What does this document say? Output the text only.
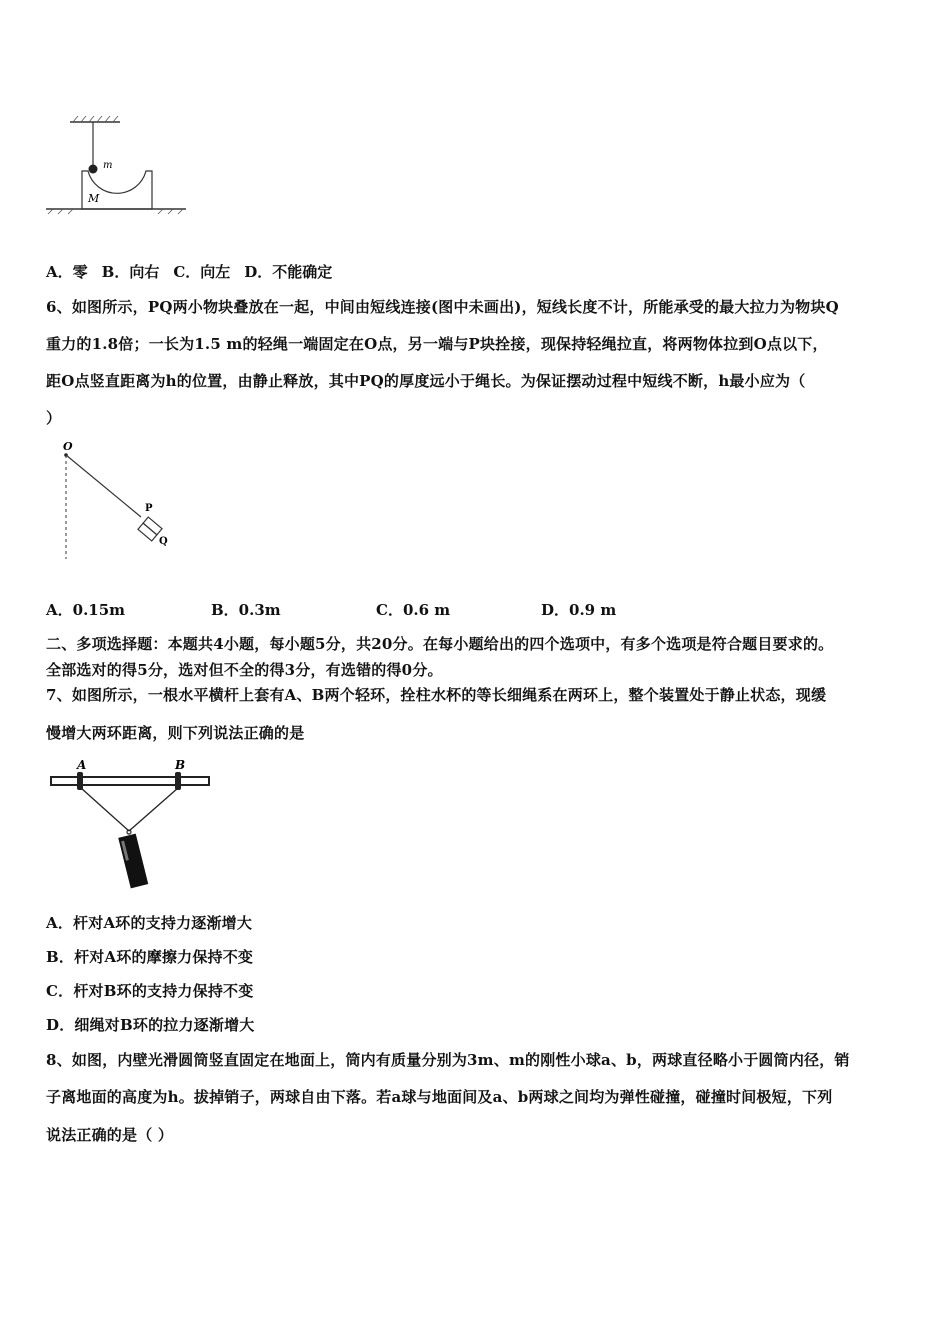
m
M
A．零 B．向右 C．向左 D．不能确定
6、如图所示，PQ两小物块叠放在一起，中间由短线连接(图中未画出)，短线长度不计，所能承受的最大拉力为物块Q
重力的1.8倍；一长为1.5 m的轻绳一端固定在O点，另一端与P块拴接，现保持轻绳拉直，将两物体拉到O点以下，
距O点竖直距离为h的位置，由静止释放，其中PQ的厚度远小于绳长。为保证摆动过程中短线不断，h最小应为（
）
O
P
Q
A．0.15m	B．0.3m	C．0.6 m	D．0.9 m
二、多项选择题：本题共4小题，每小题5分，共20分。在每小题给出的四个选项中，有多个选项是符合题目要求的。
全部选对的得5分，选对但不全的得3分，有选错的得0分。
7、如图所示，一根水平横杆上套有A、B两个轻环，拴柱水杯的等长细绳系在两环上，整个装置处于静止状态，现缓
慢增大两环距离，则下列说法正确的是
A	B
A．杆对A环的支持力逐渐增大
B．杆对A环的摩擦力保持不变
C．杆对B环的支持力保持不变
D．细绳对B环的拉力逐渐增大
8、如图，内壁光滑圆筒竖直固定在地面上，筒内有质量分别为3m、m的刚性小球a、b，两球直径略小于圆筒内径，销
子离地面的高度为h。拔掉销子，两球自由下落。若a球与地面间及a、b两球之间均为弹性碰撞，碰撞时间极短，下列
说法正确的是（ ）
